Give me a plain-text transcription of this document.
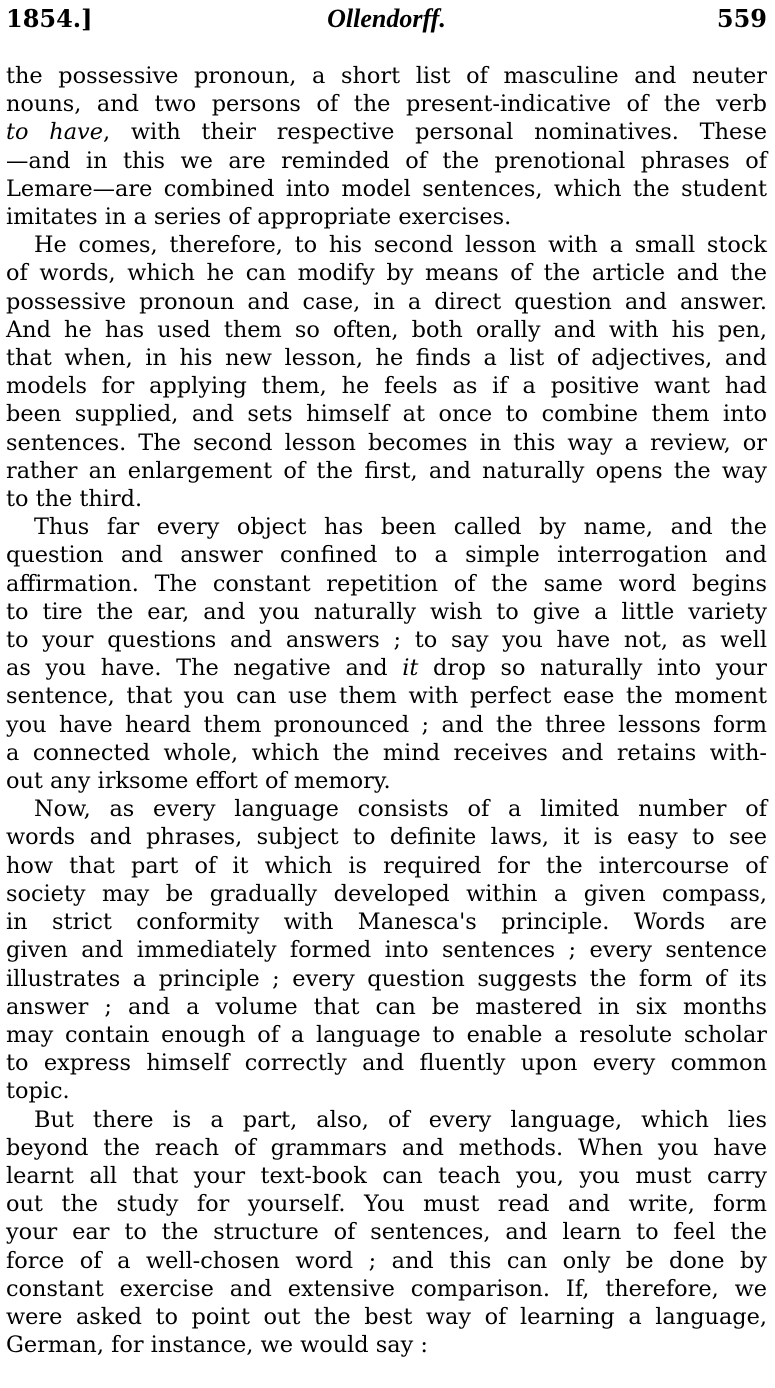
1854.]	Ollendorff.	559

the possessive pronoun, a short list of masculine and neuter
nouns, and two persons of the present-indicative of the verb
to have, with their respective personal nominatives. These
—and in this we are reminded of the prenotional phrases of
Lemare—are combined into model sentences, which the student
imitates in a series of appropriate exercises.

He comes, therefore, to his second lesson with a small stock
of words, which he can modify by means of the article and the
possessive pronoun and case, in a direct question and answer.
And he has used them so often, both orally and with his pen,
that when, in his new lesson, he finds a list of adjectives, and
models for applying them, he feels as if a positive want had
been supplied, and sets himself at once to combine them into
sentences. The second lesson becomes in this way a review, or
rather an enlargement of the first, and naturally opens the way
to the third.

Thus far every object has been called by name, and the
question and answer confined to a simple interrogation and
affirmation. The constant repetition of the same word begins
to tire the ear, and you naturally wish to give a little variety
to your questions and answers ; to say you have not, as well
as you have. The negative and it drop so naturally into your
sentence, that you can use them with perfect ease the moment
you have heard them pronounced ; and the three lessons form
a connected whole, which the mind receives and retains with-
out any irksome effort of memory.

Now, as every language consists of a limited number of
words and phrases, subject to definite laws, it is easy to see
how that part of it which is required for the intercourse of
society may be gradually developed within a given compass,
in strict conformity with Manesca's principle. Words are
given and immediately formed into sentences ; every sentence
illustrates a principle ; every question suggests the form of its
answer ; and a volume that can be mastered in six months
may contain enough of a language to enable a resolute scholar
to express himself correctly and fluently upon every common
topic.

But there is a part, also, of every language, which lies
beyond the reach of grammars and methods. When you have
learnt all that your text-book can teach you, you must carry
out the study for yourself. You must read and write, form
your ear to the structure of sentences, and learn to feel the
force of a well-chosen word ; and this can only be done by
constant exercise and extensive comparison. If, therefore, we
were asked to point out the best way of learning a language,
German, for instance, we would say :
